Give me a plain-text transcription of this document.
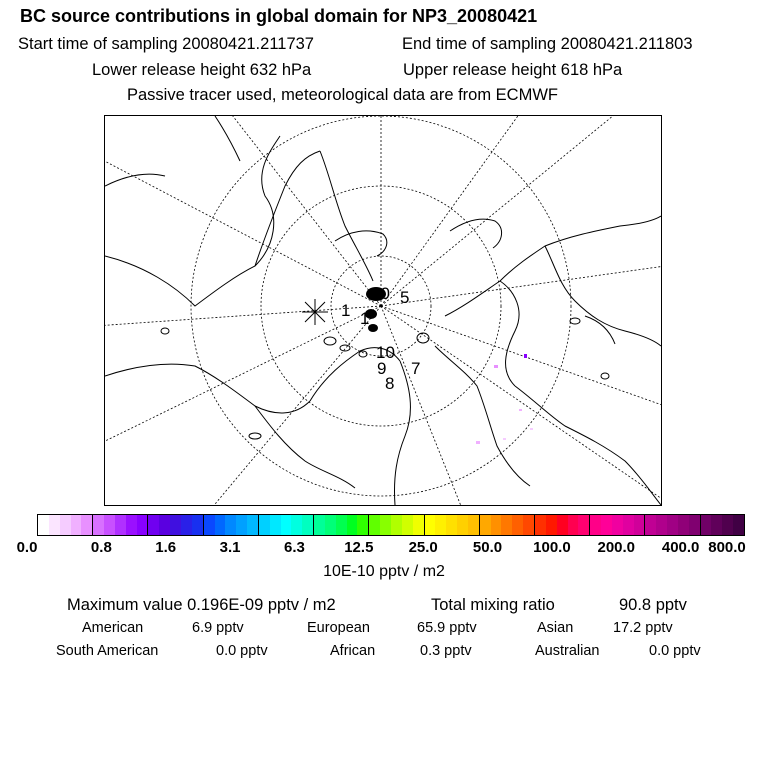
BC source contributions in global domain for NP3_20080421
Start time of sampling 20080421.211737	End time of sampling 20080421.211803
Lower release height 632 hPa	Upper release height 618 hPa
Passive tracer used, meteorological data are from ECMWF
20
1
5
1
10
9 7
8
0.0	0.8	1.6	3.1	6.3	12.5 25.0 50.0 100.0 200.0 400.0 800.0
10E-10 pptv / m2
Maximum value 0.196E-09 pptv / m2	Total mixing ratio	90.8 pptv
American	6.9 pptv	European	65.9 pptv	Asian	17.2 pptv
South American	0.0 pptv	African	0.3 pptv	Australian	0.0 pptv
